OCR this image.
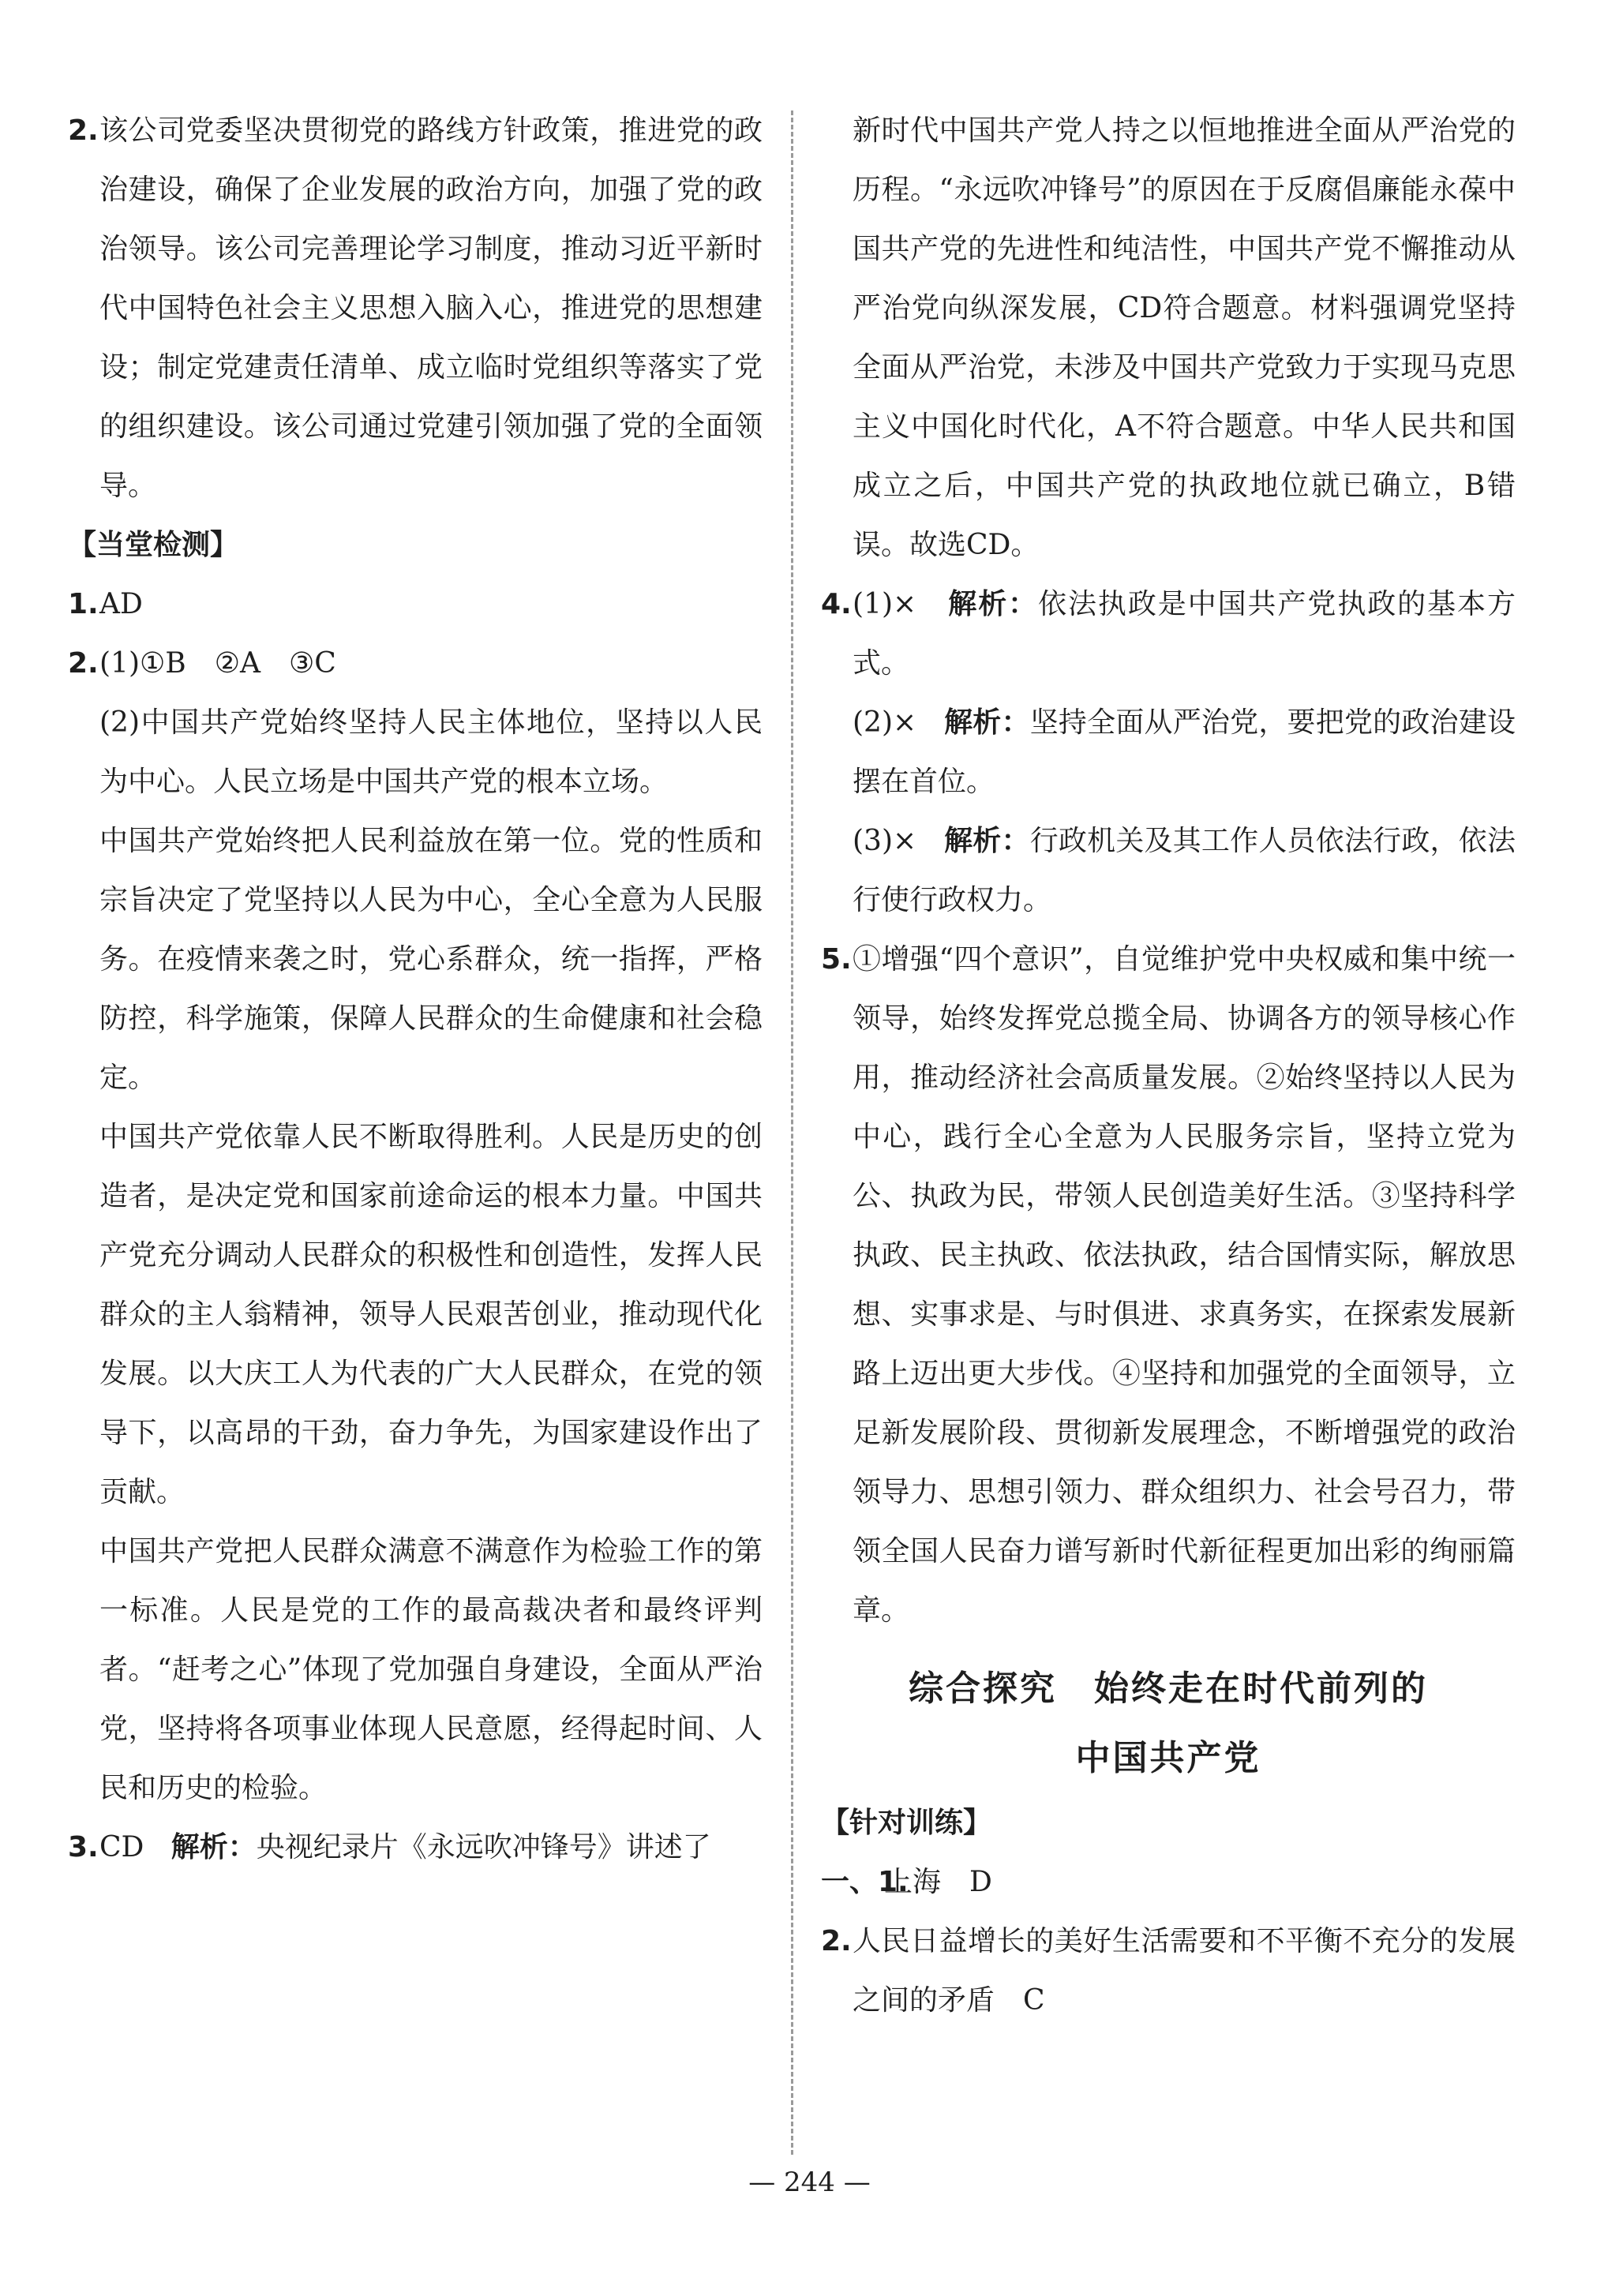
2. 该公司党委坚决贯彻党的路线方针政策，推进党的政治建设，确保了企业发展的政治方向，加强了党的政治领导。该公司完善理论学习制度，推动习近平新时代中国特色社会主义思想入脑入心，推进党的思想建设；制定党建责任清单、成立临时党组织等落实了党的组织建设。该公司通过党建引领加强了党的全面领导。
【当堂检测】
1. AD
2. (1)①B　②A　③C
(2)中国共产党始终坚持人民主体地位，坚持以人民为中心。人民立场是中国共产党的根本立场。
中国共产党始终把人民利益放在第一位。党的性质和宗旨决定了党坚持以人民为中心，全心全意为人民服务。在疫情来袭之时，党心系群众，统一指挥，严格防控，科学施策，保障人民群众的生命健康和社会稳定。
中国共产党依靠人民不断取得胜利。人民是历史的创造者，是决定党和国家前途命运的根本力量。中国共产党充分调动人民群众的积极性和创造性，发挥人民群众的主人翁精神，领导人民艰苦创业，推动现代化发展。以大庆工人为代表的广大人民群众，在党的领导下，以高昂的干劲，奋力争先，为国家建设作出了贡献。
中国共产党把人民群众满意不满意作为检验工作的第一标准。人民是党的工作的最高裁决者和最终评判者。“赶考之心”体现了党加强自身建设，全面从严治党，坚持将各项事业体现人民意愿，经得起时间、人民和历史的检验。
3. CD 解析：央视纪录片《永远吹冲锋号》讲述了
新时代中国共产党人持之以恒地推进全面从严治党的历程。“永远吹冲锋号”的原因在于反腐倡廉能永葆中国共产党的先进性和纯洁性，中国共产党不懈推动从严治党向纵深发展，CD符合题意。材料强调党坚持全面从严治党，未涉及中国共产党致力于实现马克思主义中国化时代化，A不符合题意。中华人民共和国成立之后，中国共产党的执政地位就已确立，B错误。故选CD。
4. (1)× 解析：依法执政是中国共产党执政的基本方式。
(2)× 解析：坚持全面从严治党，要把党的政治建设摆在首位。
(3)× 解析：行政机关及其工作人员依法行政，依法行使行政权力。
5. ①增强“四个意识”，自觉维护党中央权威和集中统一领导，始终发挥党总揽全局、协调各方的领导核心作用，推动经济社会高质量发展。②始终坚持以人民为中心，践行全心全意为人民服务宗旨，坚持立党为公、执政为民，带领人民创造美好生活。③坚持科学执政、民主执政、依法执政，结合国情实际，解放思想、实事求是、与时俱进、求真务实，在探索发展新路上迈出更大步伐。④坚持和加强党的全面领导，立足新发展阶段、贯彻新发展理念，不断增强党的政治领导力、思想引领力、群众组织力、社会号召力，带领全国人民奋力谱写新时代新征程更加出彩的绚丽篇章。
综合探究　始终走在时代前列的
中国共产党
【针对训练】
一、1.
上海　D
2. 人民日益增长的美好生活需要和不平衡不充分的发展之间的矛盾　C
— 244 —
